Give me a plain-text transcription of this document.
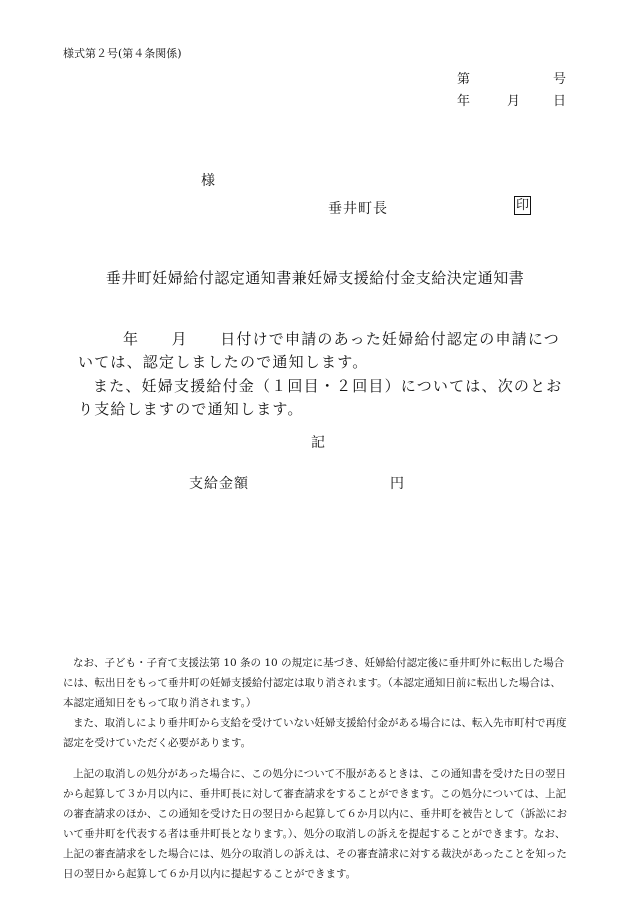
様式第２号(第４条関係)
第	号
年	月	日
様
垂井町長	印
垂井町妊婦給付認定通知書兼妊婦支援給付金支給決定通知書
年　　月　　日付けで申請のあった妊婦給付認定の申請については、認定しましたので通知します。
また、妊婦支援給付金（１回目・２回目）については、次のとおり支給しますので通知します。
記
支給金額	円
なお、子ども・子育て支援法第 10 条の 10 の規定に基づき、妊婦給付認定後に垂井町外に転出した場合には、転出日をもって垂井町の妊婦支援給付認定は取り消されます。（本認定通知日前に転出した場合は、本認定通知日をもって取り消されます。）
また、取消しにより垂井町から支給を受けていない妊婦支援給付金がある場合には、転入先市町村で再度認定を受けていただく必要があります。
上記の取消しの処分があった場合に、この処分について不服があるときは、この通知書を受けた日の翌日から起算して３か月以内に、垂井町長に対して審査請求をすることができます。この処分については、上記の審査請求のほか、この通知を受けた日の翌日から起算して６か月以内に、垂井町を被告として（訴訟において垂井町を代表する者は垂井町長となります。）、処分の取消しの訴えを提起することができます。なお、上記の審査請求をした場合には、処分の取消しの訴えは、その審査請求に対する裁決があったことを知った日の翌日から起算して６か月以内に提起することができます。
